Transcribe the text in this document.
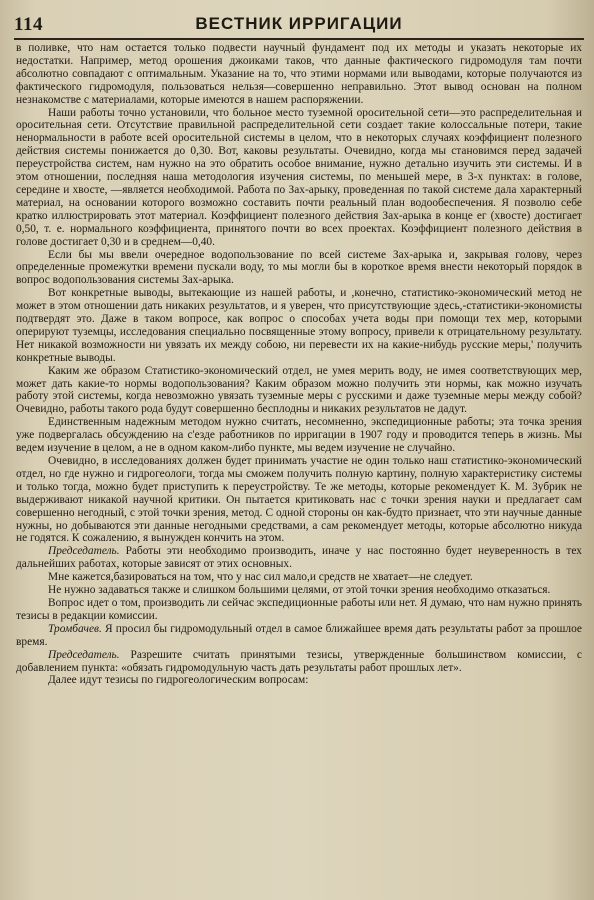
114	ВЕСТНИК ИРРИГАЦИИ

в поливке, что нам остается только подвести научный фундамент под их методы и указать некоторые их недостатки. Например, метод орошения джоиками таков, что данные фактического гидромодуля там почти абсолютно совпадают с оптимальным. Указание на то, что этими нормами или выводами, которые получаются из фактического гидромодуля, пользоваться нельзя—совершенно неправильно. Этот вывод основан на полном незнакомстве с материалами, которые имеются в нашем распоряжении.

Наши работы точно установили, что больное место туземной оросительной сети—это распределительная и оросительная сети. Отсутствие правильной распределительной сети создает такие колоссальные потери, такие ненормальности в работе всей оросительной системы в целом, что в некоторых случаях коэффициент полезного действия системы понижается до 0,30. Вот, каковы результаты. Очевидно, когда мы становимся перед задачей переустройства систем, нам нужно на это обратить особое внимание, нужно детально изучить эти системы. И в этом отношении, последняя наша методология изучения системы, по меньшей мере, в 3-х пунктах: в голове, середине и хвосте, —является необходимой. Работа по Зах-арыку, проведенная по такой системе дала характерный материал, на основании которого возможно составить почти реальный план водообеспечения. Я позволю себе кратко иллюстрировать этот материал. Коэффициент полезного действия Зах-арыка в конце ег (хвосте) достигает 0,50, т. е. нормального коэффициента, принятого почти во всех проектах. Коэффициент полезного действия в голове достигает 0,30 и в среднем—0,40.

Если бы мы ввели очередное водопользование по всей системе Зах-арыка и, закрывая голову, через определенные промежутки времени пускали воду, то мы могли бы в короткое время внести некоторый порядок в вопрос водопользования системы Зах-арыка.

Вот конкретные выводы, вытекающие из нашей работы, и ,конечно, статистико-экономический метод не может в этом отношении дать никаких результатов, и я уверен, что присутствующие здесь,-статистики-экономисты подтвердят это. Даже в таком вопросе, как вопрос о способах учета воды при помощи тех мер, которыми оперируют туземцы, исследования специально посвященные этому вопросу, привели к отрицательному результату. Нет никакой возможности ни увязать их между собою, ни перевести их на какие-нибудь русские меры,' получить конкретные выводы.

Каким же образом Статистико-экономический отдел, не умея мерить воду, не имея соответствующих мер, может дать какие-то нормы водопользования? Каким образом можно получить эти нормы, как можно изучать работу этой системы, когда невозможно увязать туземные меры с русскими и даже туземные меры между собой? Очевидно, работы такого рода будут совершенно бесплодны и никаких результатов не дадут.

Единственным надежным методом нужно считать, несомненно, экспедиционные работы; эта точка зрения уже подвергалась обсуждению на с'езде работников по ирригации в 1907 году и проводится теперь в жизнь. Мы ведем изучение в целом, а не в одном каком-либо пункте, мы ведем изучение не случайно.

Очевидно, в исследованиях должен будет принимать участие не один только наш статистико-экономический отдел, но где нужно и гидрогеологи, тогда мы сможем получить полную картину, полную характеристику системы и только тогда, можно будет приступить к переустройству. Те же методы, которые рекомендует К. М. Зубрик не выдерживают никакой научной критики. Он пытается критиковать нас с точки зрения науки и предлагает сам совершенно негодный, с этой точки зрения, метод. С одной стороны он как-будто признает, что эти научные данные нужны, но добываются эти данные негодными средствами, а сам рекомендует методы, которые абсолютно никуда не годятся. К сожалению, я вынужден кончить на этом.

Председатель. Работы эти необходимо производить, иначе у нас постоянно будет неуверенность в тех дальнейших работах, которые зависят от этих основных.

Мне кажется,базироваться на том, что у нас сил мало,и средств не хватает—не следует.

Не нужно задаваться также и слишком большими целями, от этой точки зрения необходимо отказаться.

Вопрос идет о том, производить ли сейчас экспедиционные работы или нет. Я думаю, что нам нужно принять тезисы в редакции комиссии.

Тромбачев. Я просил бы гидромодульный отдел в самое ближайшее время дать результаты работ за прошлое время.

Председатель. Разрешите считать принятыми тезисы, утвержденные большинством комиссии, с добавлением пункта: «обязать гидромодульную часть дать результаты работ прошлых лет».

Далее идут тезисы по гидрогеологическим вопросам:
